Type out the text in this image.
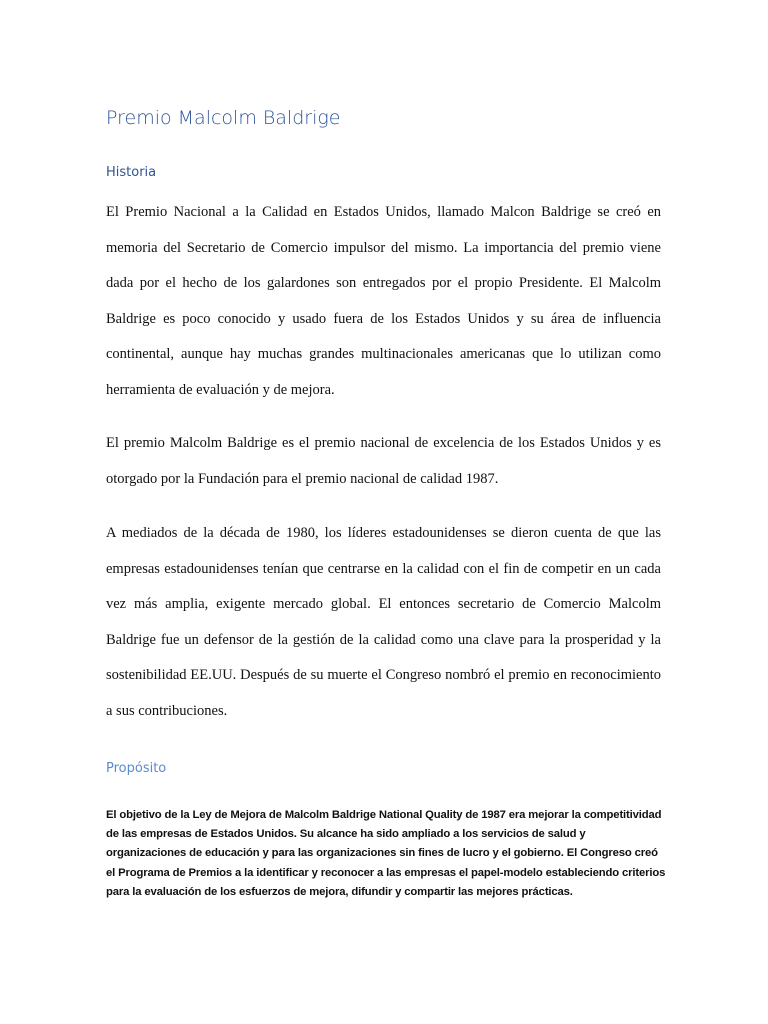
Premio Malcolm Baldrige
Historia

El Premio Nacional a la Calidad en Estados Unidos, llamado Malcon Baldrige se creó en memoria del Secretario de Comercio impulsor del mismo. La importancia del premio viene dada por el hecho de los galardones son entregados por el propio Presidente. El Malcolm Baldrige es poco conocido y usado fuera de los Estados Unidos y su área de influencia continental, aunque hay muchas grandes multinacionales americanas que lo utilizan como herramienta de evaluación y de mejora.

El premio Malcolm Baldrige es el premio nacional de excelencia de los Estados Unidos y es otorgado por la Fundación para el premio nacional de calidad 1987.

A mediados de la década de 1980, los líderes estadounidenses se dieron cuenta de que las empresas estadounidenses tenían que centrarse en la calidad con el fin de competir en un cada vez más amplia, exigente mercado global. El entonces secretario de Comercio Malcolm Baldrige fue un defensor de la gestión de la calidad como una clave para la prosperidad y la sostenibilidad EE.UU. Después de su muerte el Congreso nombró el premio en reconocimiento a sus contribuciones.

Propósito

El objetivo de la Ley de Mejora de Malcolm Baldrige National Quality de 1987 era mejorar la competitividad de las empresas de Estados Unidos. Su alcance ha sido ampliado a los servicios de salud y organizaciones de educación y para las organizaciones sin fines de lucro y el gobierno. El Congreso creó el Programa de Premios a la identificar y reconocer a las empresas el papel-modelo estableciendo criterios para la evaluación de los esfuerzos de mejora, difundir y compartir las mejores prácticas.
